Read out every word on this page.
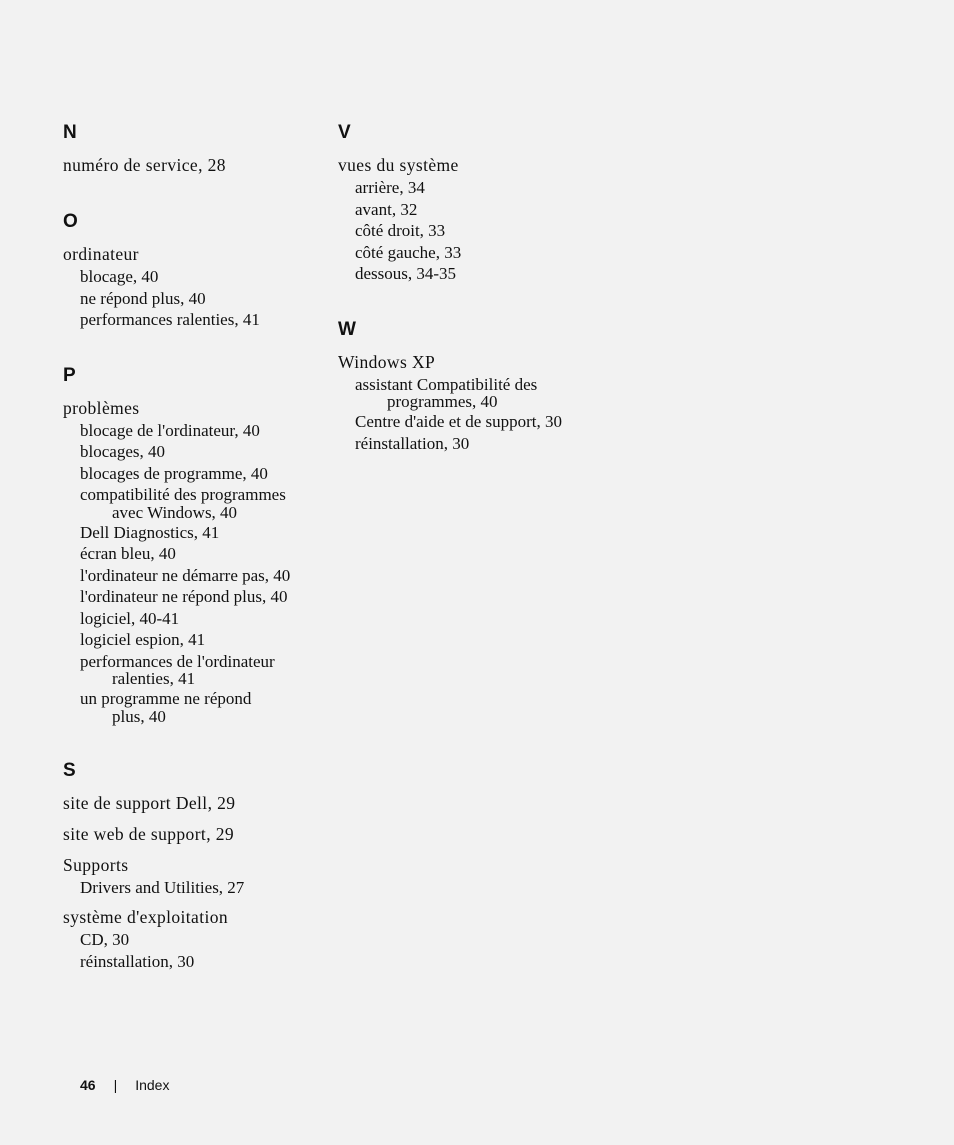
N
numéro de service, 28
O
ordinateur
blocage, 40
ne répond plus, 40
performances ralenties, 41
P
problèmes
blocage de l'ordinateur, 40
blocages, 40
blocages de programme, 40
compatibilité des programmes
avec Windows, 40
Dell Diagnostics, 41
écran bleu, 40
l'ordinateur ne démarre pas, 40
l'ordinateur ne répond plus, 40
logiciel, 40-41
logiciel espion, 41
performances de l'ordinateur
ralenties, 41
un programme ne répond
plus, 40
S
site de support Dell, 29
site web de support, 29
Supports
Drivers and Utilities, 27
système d'exploitation
CD, 30
réinstallation, 30
V
vues du système
arrière, 34
avant, 32
côté droit, 33
côté gauche, 33
dessous, 34-35
W
Windows XP
assistant Compatibilité des
programmes, 40
Centre d'aide et de support, 30
réinstallation, 30
46 | Index
